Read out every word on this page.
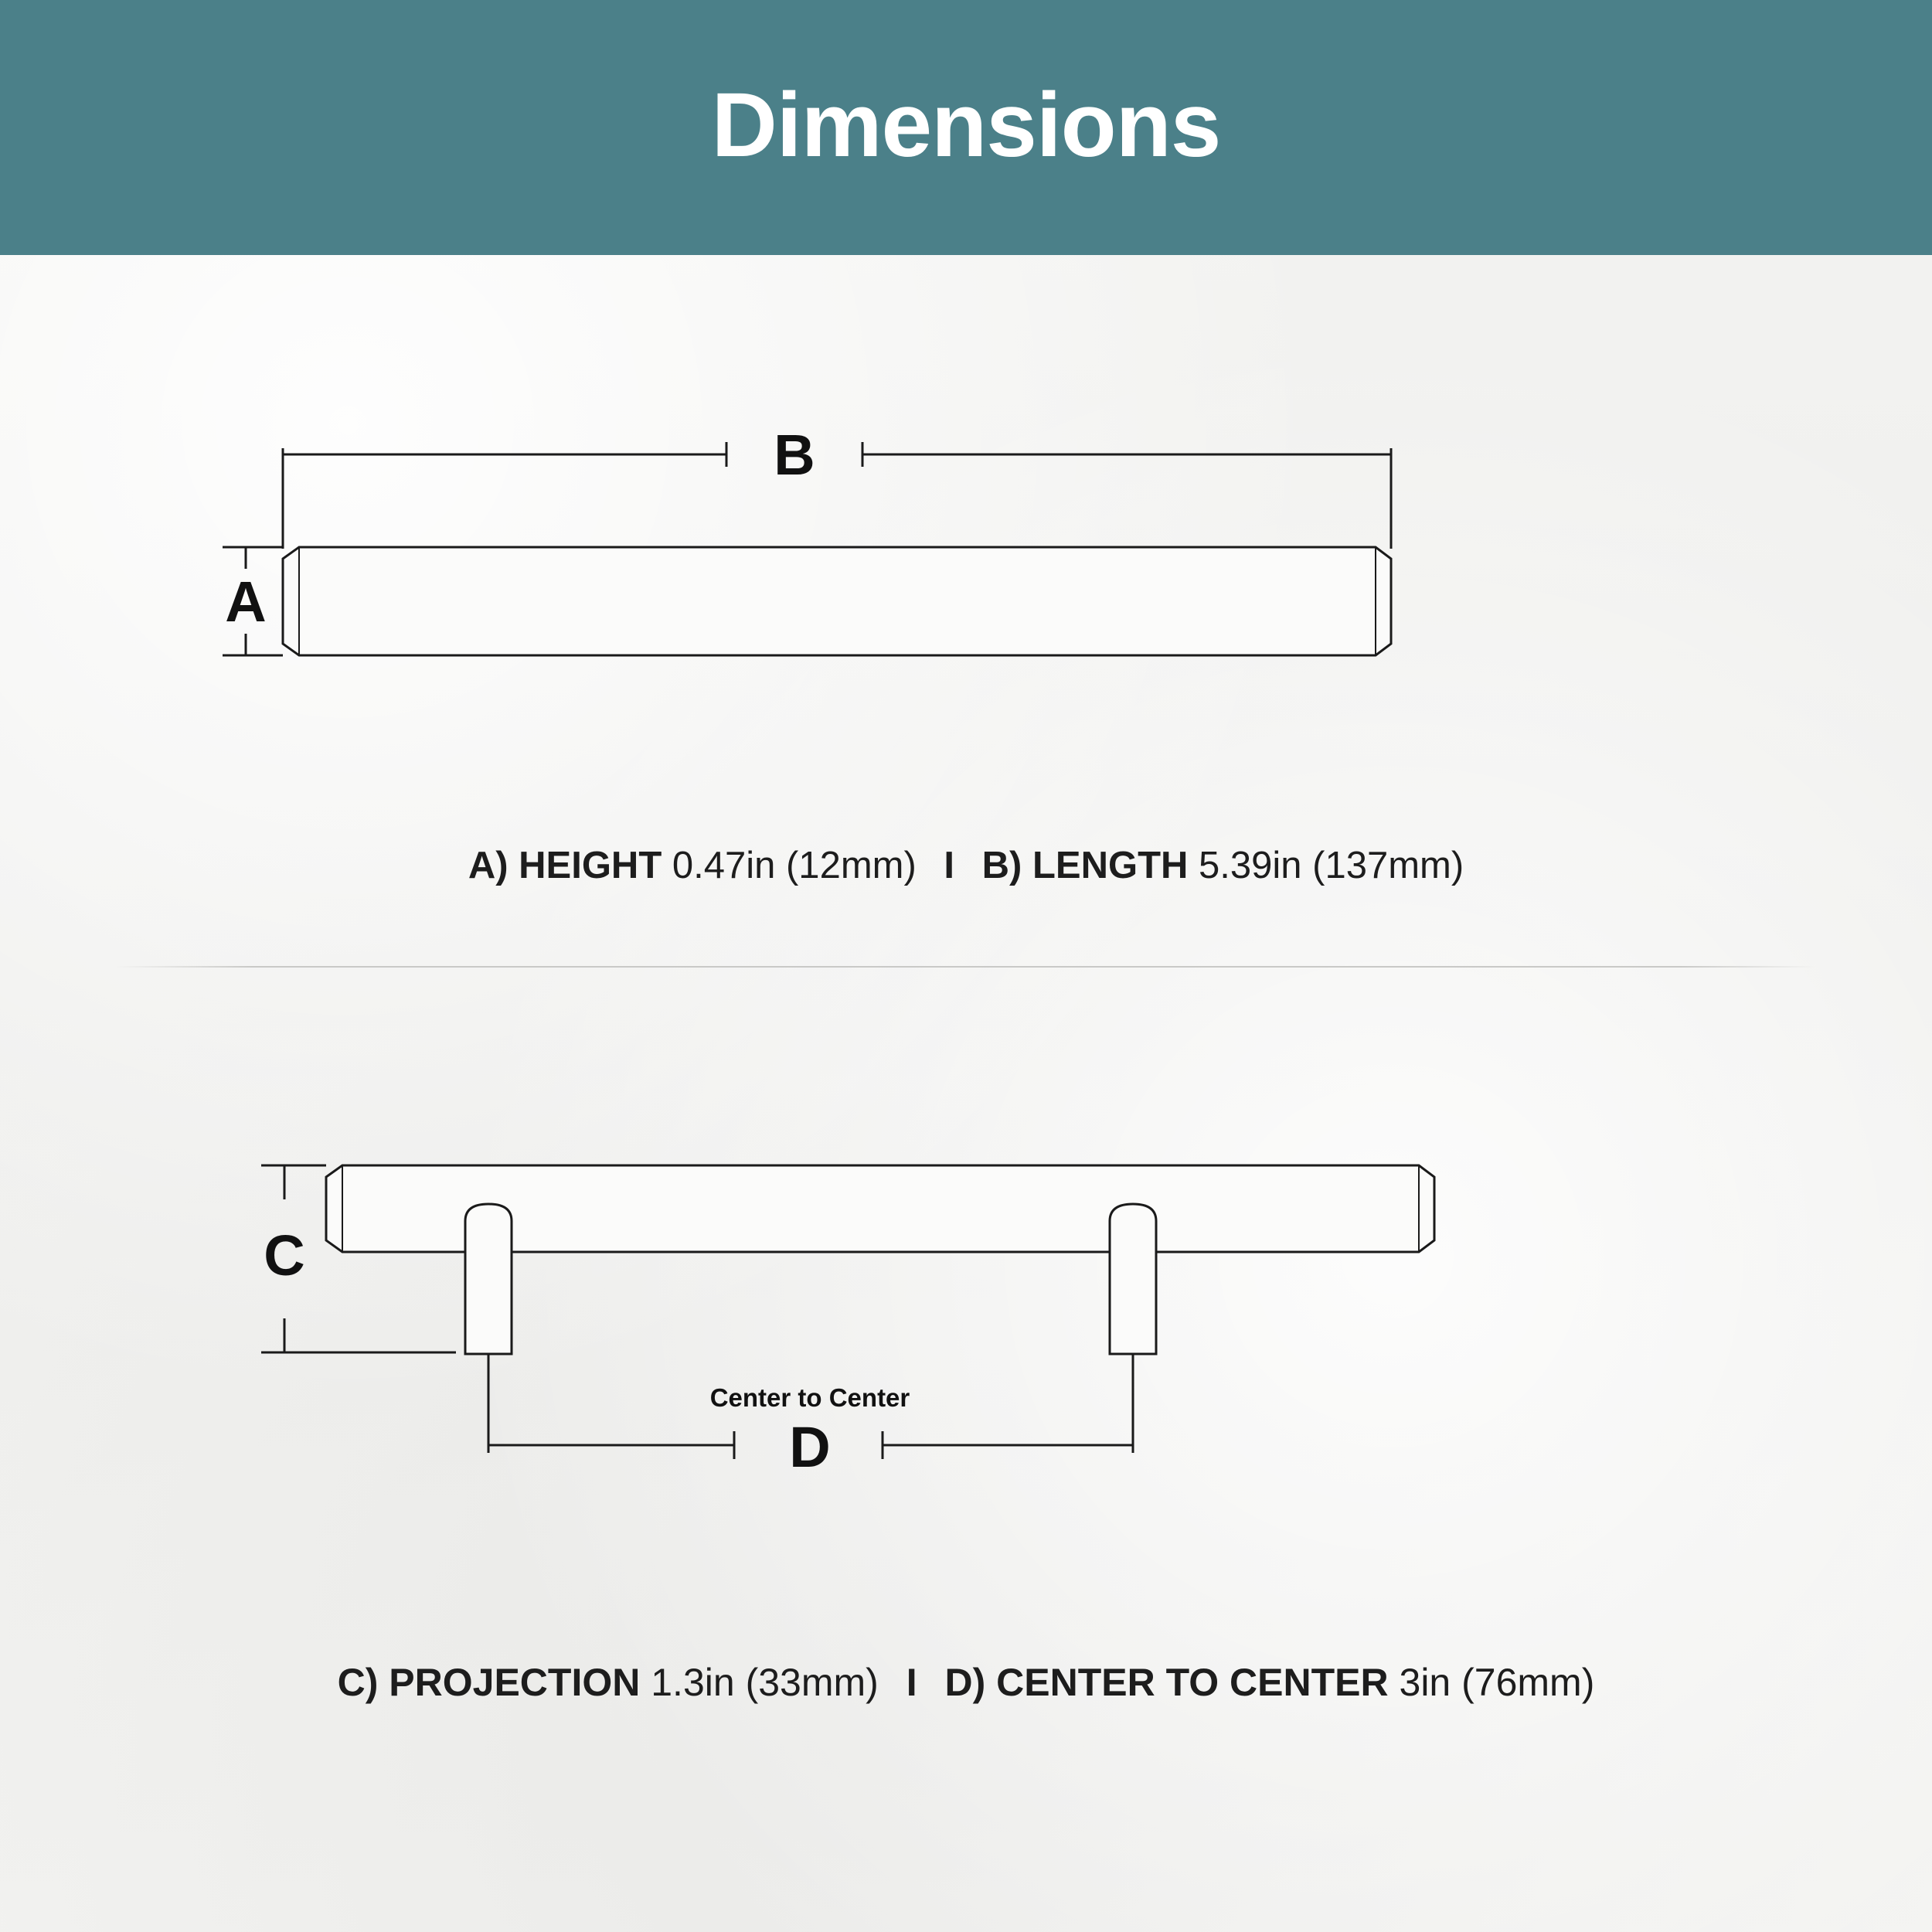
Dimensions
B
A
A) HEIGHT 0.47in (12mm) I B) LENGTH 5.39in (137mm)
C
Center to Center
D
C) PROJECTION 1.3in (33mm) I D) CENTER TO CENTER 3in (76mm)
